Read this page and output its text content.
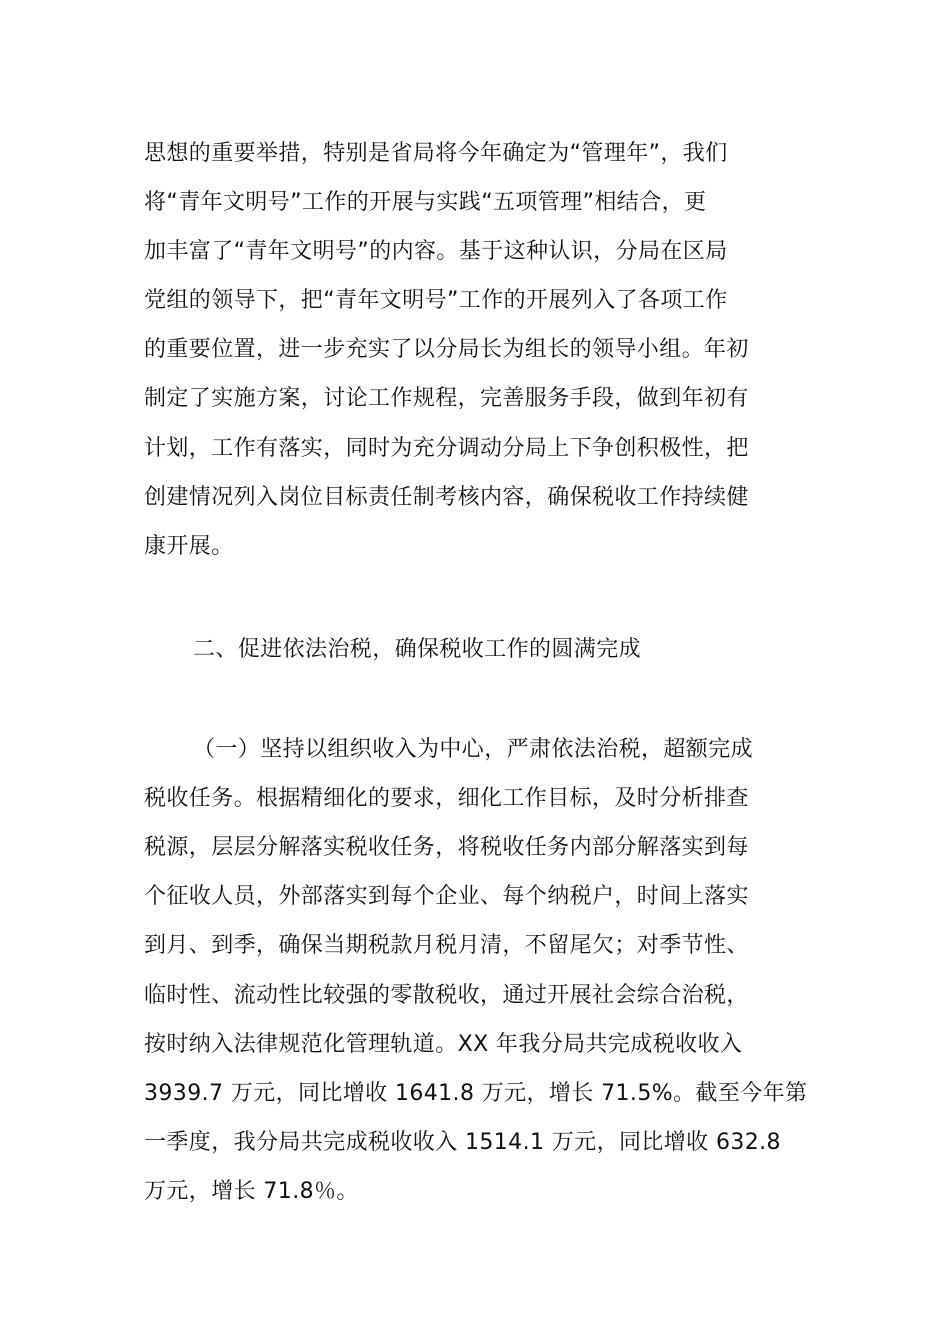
思想的重要举措，特别是省局将今年确定为“管理年”，我们
将“青年文明号”工作的开展与实践“五项管理”相结合，更
加丰富了“青年文明号”的内容。基于这种认识，分局在区局
党组的领导下，把“青年文明号”工作的开展列入了各项工作
的重要位置，进一步充实了以分局长为组长的领导小组。年初
制定了实施方案，讨论工作规程，完善服务手段，做到年初有
计划，工作有落实，同时为充分调动分局上下争创积极性，把
创建情况列入岗位目标责任制考核内容，确保税收工作持续健
康开展。
二、促进依法治税，确保税收工作的圆满完成
（一）坚持以组织收入为中心，严肃依法治税，超额完成
税收任务。根据精细化的要求，细化工作目标，及时分析排查
税源，层层分解落实税收任务，将税收任务内部分解落实到每
个征收人员，外部落实到每个企业、每个纳税户，时间上落实
到月、到季，确保当期税款月税月清，不留尾欠；对季节性、
临时性、流动性比较强的零散税收，通过开展社会综合治税，
按时纳入法律规范化管理轨道。XX 年我分局共完成税收收入
3939.7 万元，同比增收 1641.8 万元，增长 71.5%。截至今年第
一季度，我分局共完成税收收入 1514.1 万元，同比增收 632.8
万元，增长 71.8％。
